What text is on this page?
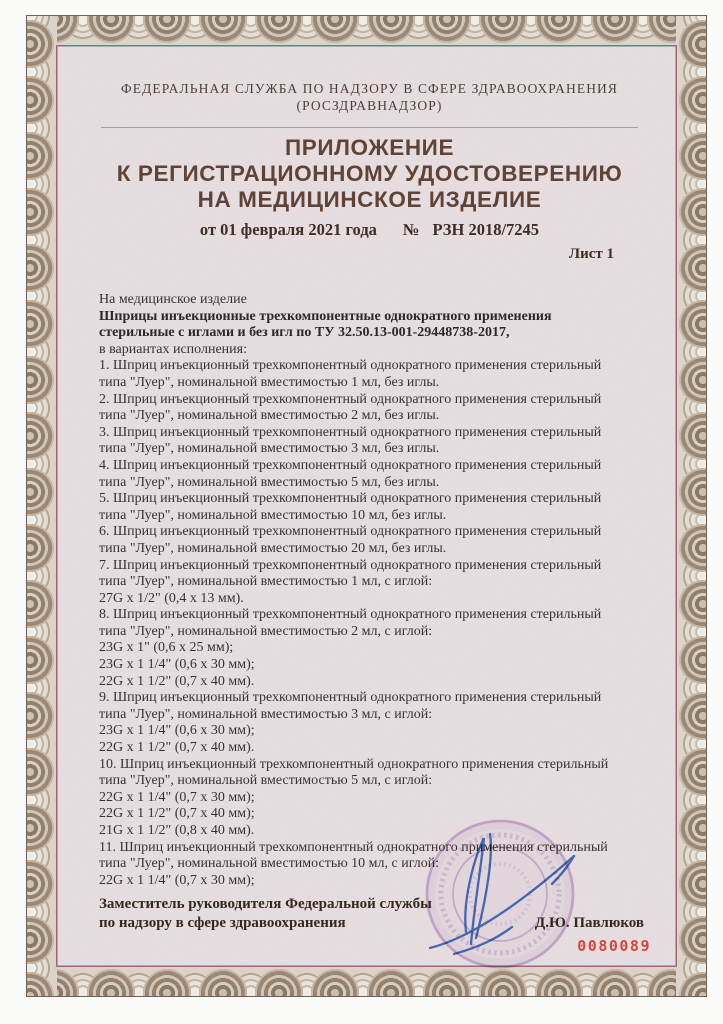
ФЕДЕРАЛЬНАЯ СЛУЖБА ПО НАДЗОРУ В СФЕРЕ ЗДРАВООХРАНЕНИЯ
(РОСЗДРАВНАДЗОР)
ПРИЛОЖЕНИЕ
К РЕГИСТРАЦИОННОМУ УДОСТОВЕРЕНИЮ
НА МЕДИЦИНСКОЕ ИЗДЕЛИЕ
от 01 февраля 2021 года № РЗН 2018/7245
Лист 1
На медицинское изделие
Шприцы инъекционные трехкомпонентные однократного применения
стерильные с иглами и без игл по ТУ 32.50.13-001-29448738-2017,
в вариантах исполнения:
1. Шприц инъекционный трехкомпонентный однократного применения стерильный
типа "Луер", номинальной вместимостью 1 мл, без иглы.
2. Шприц инъекционный трехкомпонентный однократного применения стерильный
типа "Луер", номинальной вместимостью 2 мл, без иглы.
3. Шприц инъекционный трехкомпонентный однократного применения стерильный
типа "Луер", номинальной вместимостью 3 мл, без иглы.
4. Шприц инъекционный трехкомпонентный однократного применения стерильный
типа "Луер", номинальной вместимостью 5 мл, без иглы.
5. Шприц инъекционный трехкомпонентный однократного применения стерильный
типа "Луер", номинальной вместимостью 10 мл, без иглы.
6. Шприц инъекционный трехкомпонентный однократного применения стерильный
типа "Луер", номинальной вместимостью 20 мл, без иглы.
7. Шприц инъекционный трехкомпонентный однократного применения стерильный
типа "Луер", номинальной вместимостью 1 мл, с иглой:
27G x 1/2" (0,4 x 13 мм).
8. Шприц инъекционный трехкомпонентный однократного применения стерильный
типа "Луер", номинальной вместимостью 2 мл, с иглой:
23G x 1" (0,6 x 25 мм);
23G x 1 1/4" (0,6 x 30 мм);
22G x 1 1/2" (0,7 x 40 мм).
9. Шприц инъекционный трехкомпонентный однократного применения стерильный
типа "Луер", номинальной вместимостью 3 мл, с иглой:
23G x 1 1/4" (0,6 x 30 мм);
22G x 1 1/2" (0,7 x 40 мм).
10. Шприц инъекционный трехкомпонентный однократного применения стерильный
типа "Луер", номинальной вместимостью 5 мл, с иглой:
22G x 1 1/4" (0,7 x 30 мм);
22G x 1 1/2" (0,7 x 40 мм);
21G x 1 1/2" (0,8 x 40 мм).
11. Шприц инъекционный трехкомпонентный однократного применения стерильный
типа "Луер", номинальной вместимостью 10 мл, с иглой:
22G x 1 1/4" (0,7 x 30 мм);
Заместитель руководителя Федеральной службы
по надзору в сфере здравоохранения	Д.Ю. Павлюков
0080089
